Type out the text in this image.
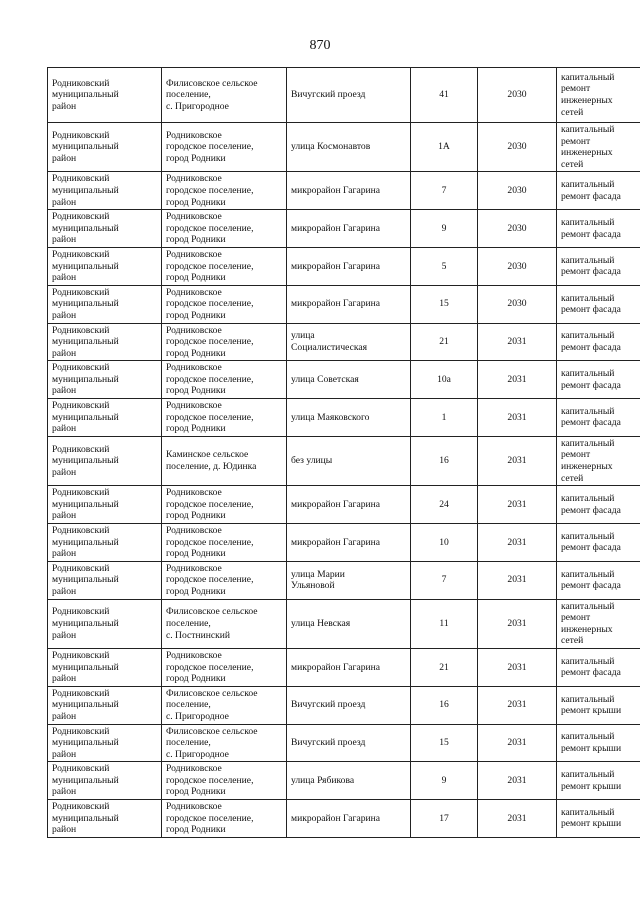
870
Родниковский
муниципальный
район	Филисовское сельское
поселение,
с. Пригородное	Вичугский проезд	41	2030	капитальный
ремонт
инженерных
сетей

Родниковский
муниципальный
район	Родниковское
городское поселение,
город Родники	улица Космонавтов	1А	2030	капитальный
ремонт
инженерных
сетей

Родниковский
муниципальный
район	Родниковское
городское поселение,
город Родники	микрорайон Гагарина	7	2030	капитальный
ремонт фасада

Родниковский
муниципальный
район	Родниковское
городское поселение,
город Родники	микрорайон Гагарина	9	2030	капитальный
ремонт фасада

Родниковский
муниципальный
район	Родниковское
городское поселение,
город Родники	микрорайон Гагарина	5	2030	капитальный
ремонт фасада

Родниковский
муниципальный
район	Родниковское
городское поселение,
город Родники	микрорайон Гагарина	15	2030	капитальный
ремонт фасада

Родниковский
муниципальный
район	Родниковское
городское поселение,
город Родники	улица
Социалистическая	21	2031	капитальный
ремонт фасада

Родниковский
муниципальный
район	Родниковское
городское поселение,
город Родники	улица Советская	10а	2031	капитальный
ремонт фасада

Родниковский
муниципальный
район	Родниковское
городское поселение,
город Родники	улица Маяковского	1	2031	капитальный
ремонт фасада

Родниковский
муниципальный
район	Каминское сельское
поселение, д. Юдинка	без улицы	16	2031	капитальный
ремонт
инженерных
сетей

Родниковский
муниципальный
район	Родниковское
городское поселение,
город Родники	микрорайон Гагарина	24	2031	капитальный
ремонт фасада

Родниковский
муниципальный
район	Родниковское
городское поселение,
город Родники	микрорайон Гагарина	10	2031	капитальный
ремонт фасада

Родниковский
муниципальный
район	Родниковское
городское поселение,
город Родники	улица Марии
Ульяновой	7	2031	капитальный
ремонт фасада

Родниковский
муниципальный
район	Филисовское сельское
поселение,
с. Постнинский	улица Невская	11	2031	капитальный
ремонт
инженерных
сетей

Родниковский
муниципальный
район	Родниковское
городское поселение,
город Родники	микрорайон Гагарина	21	2031	капитальный
ремонт фасада

Родниковский
муниципальный
район	Филисовское сельское
поселение,
с. Пригородное	Вичугский проезд	16	2031	капитальный
ремонт крыши

Родниковский
муниципальный
район	Филисовское сельское
поселение,
с. Пригородное	Вичугский проезд	15	2031	капитальный
ремонт крыши

Родниковский
муниципальный
район	Родниковское
городское поселение,
город Родники	улица Рябикова	9	2031	капитальный
ремонт крыши

Родниковский
муниципальный
район	Родниковское
городское поселение,
город Родники	микрорайон Гагарина	17	2031	капитальный
ремонт крыши
